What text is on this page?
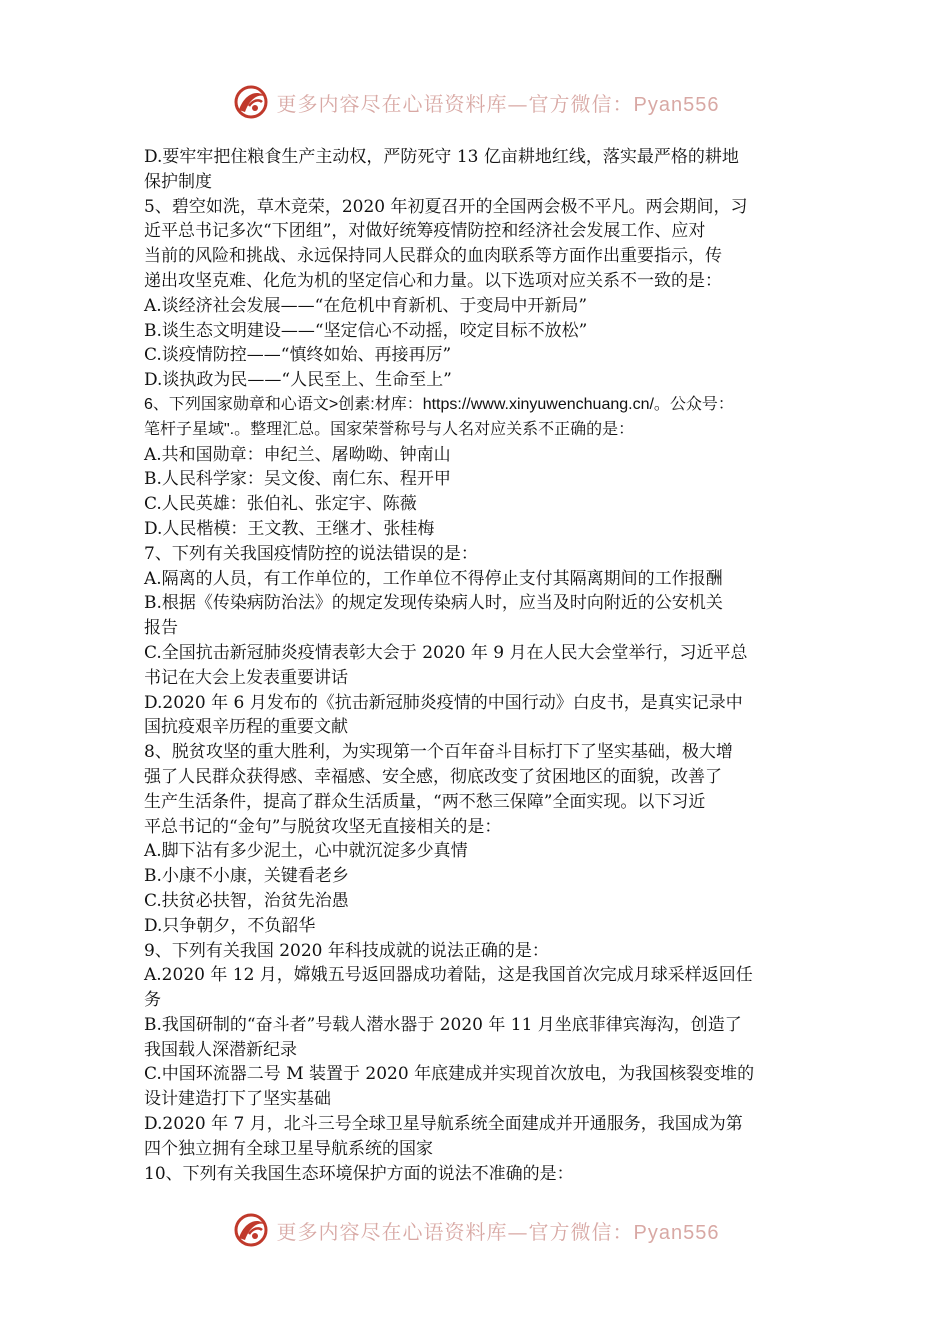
更多内容尽在心语资料库—官方微信：Pyan556
D.要牢牢把住粮食生产主动权，严防死守 13 亿亩耕地红线，落实最严格的耕地
保护制度
5、碧空如洗，草木竞荣，2020 年初夏召开的全国两会极不平凡。两会期间，习
近平总书记多次“下团组”，对做好统筹疫情防控和经济社会发展工作、应对
当前的风险和挑战、永远保持同人民群众的血肉联系等方面作出重要指示，传
递出攻坚克难、化危为机的坚定信心和力量。以下选项对应关系不一致的是：
A.谈经济社会发展——“在危机中育新机、于变局中开新局”
B.谈生态文明建设——“坚定信心不动摇，咬定目标不放松”
C.谈疫情防控——“慎终如始、再接再厉”
D.谈执政为民——“人民至上、生命至上”
6、下列国家勋章和心语文>创素:材库：https://www.xinyuwenchuang.cn/。公众号：
笔杆子星域".。整理汇总。国家荣誉称号与人名对应关系不正确的是：
A.共和国勋章：申纪兰、屠呦呦、钟南山
B.人民科学家：吴文俊、南仁东、程开甲
C.人民英雄：张伯礼、张定宇、陈薇
D.人民楷模：王文教、王继才、张桂梅
7、下列有关我国疫情防控的说法错误的是：
A.隔离的人员，有工作单位的，工作单位不得停止支付其隔离期间的工作报酬
B.根据《传染病防治法》的规定发现传染病人时，应当及时向附近的公安机关
报告
C.全国抗击新冠肺炎疫情表彰大会于 2020 年 9 月在人民大会堂举行，习近平总
书记在大会上发表重要讲话
D.2020 年 6 月发布的《抗击新冠肺炎疫情的中国行动》白皮书，是真实记录中
国抗疫艰辛历程的重要文献
8、脱贫攻坚的重大胜利，为实现第一个百年奋斗目标打下了坚实基础，极大增
强了人民群众获得感、幸福感、安全感，彻底改变了贫困地区的面貌，改善了
生产生活条件，提高了群众生活质量，“两不愁三保障”全面实现。以下习近
平总书记的“金句”与脱贫攻坚无直接相关的是：
A.脚下沾有多少泥土，心中就沉淀多少真情
B.小康不小康，关键看老乡
C.扶贫必扶智，治贫先治愚
D.只争朝夕，不负韶华
9、下列有关我国 2020 年科技成就的说法正确的是：
A.2020 年 12 月，嫦娥五号返回器成功着陆，这是我国首次完成月球采样返回任
务
B.我国研制的“奋斗者”号载人潜水器于 2020 年 11 月坐底菲律宾海沟，创造了
我国载人深潜新纪录
C.中国环流器二号 M 装置于 2020 年底建成并实现首次放电，为我国核裂变堆的
设计建造打下了坚实基础
D.2020 年 7 月，北斗三号全球卫星导航系统全面建成并开通服务，我国成为第
四个独立拥有全球卫星导航系统的国家
10、下列有关我国生态环境保护方面的说法不准确的是：
更多内容尽在心语资料库—官方微信：Pyan556
